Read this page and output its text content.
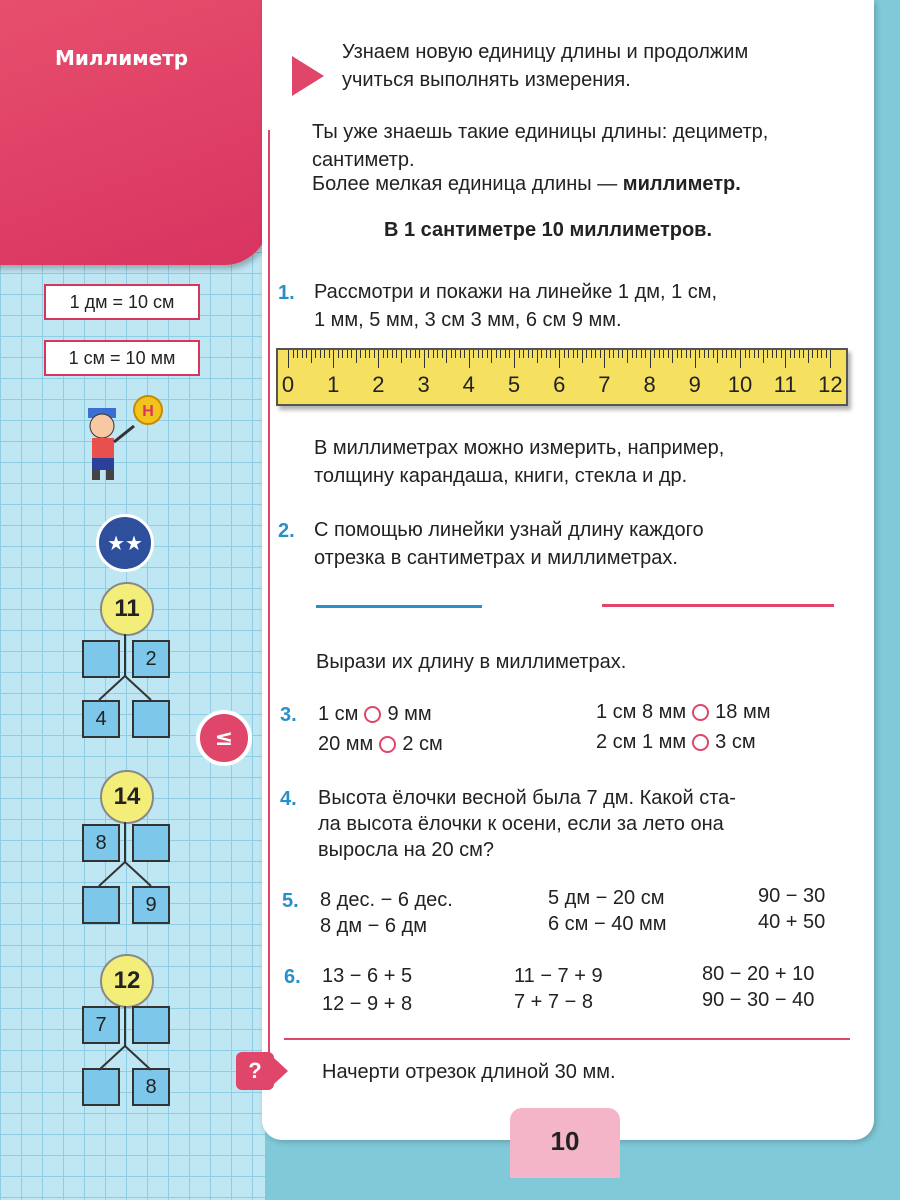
Миллиметр
1 дм = 10 см
1 см = 10 мм
Н
★★
11
2
4
≤
14
8
9
12
7
8
Узнаем новую единицу длины и продолжим
учиться выполнять измерения.
Ты уже знаешь такие единицы длины: дециметр,
сантиметр.
Более мелкая единица длины — миллиметр.
В 1 сантиметре 10 миллиметров.
1. Рассмотри и покажи на линейке 1 дм, 1 см,
1 мм, 5 мм, 3 см 3 мм, 6 см 9 мм.
0 1 2 3 4 5 6 7 8 9 10 11 12
В миллиметрах можно измерить, например,
толщину карандаша, книги, стекла и др.
2. С помощью линейки узнай длину каждого
отрезка в сантиметрах и миллиметрах.
Вырази их длину в миллиметрах.
3. 1 см 9 мм
20 мм 2 см
1 см 8 мм 18 мм
2 см 1 мм 3 см
4. Высота ёлочки весной была 7 дм. Какой ста-
ла высота ёлочки к осени, если за лето она
выросла на 20 см?
5. 8 дес. − 6 дес.
8 дм − 6 дм
5 дм − 20 см
6 см − 40 мм
90 − 30
40 + 50
6. 13 − 6 + 5
12 − 9 + 8
11 − 7 + 9
7 + 7 − 8
80 − 20 + 10
90 − 30 − 40
?	Начерти отрезок длиной 30 мм.
10
